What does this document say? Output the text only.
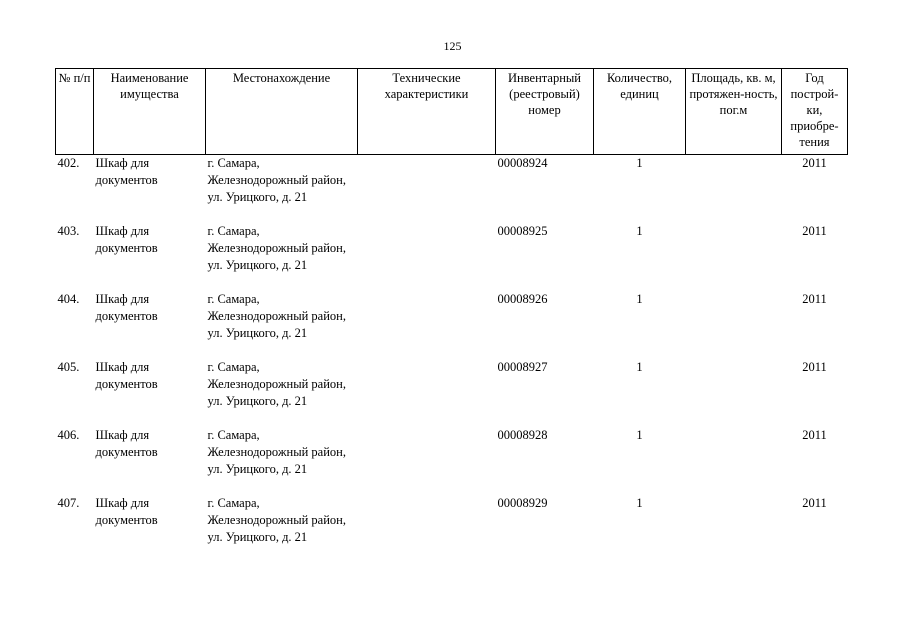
125
№ п/п	Наименование имущества	Местонахождение	Технические характеристики	Инвентарный (реестровый) номер	Количество, единиц	Площадь, кв. м, протяжен-ность, пог.м	Год построй-ки, приобре-тения
402.	Шкаф для документов	г. Самара, Железнодорожный район, ул. Урицкого, д. 21		00008924	1		2011
403.	Шкаф для документов	г. Самара, Железнодорожный район, ул. Урицкого, д. 21		00008925	1		2011
404.	Шкаф для документов	г. Самара, Железнодорожный район, ул. Урицкого, д. 21		00008926	1		2011
405.	Шкаф для документов	г. Самара, Железнодорожный район, ул. Урицкого, д. 21		00008927	1		2011
406.	Шкаф для документов	г. Самара, Железнодорожный район, ул. Урицкого, д. 21		00008928	1		2011
407.	Шкаф для документов	г. Самара, Железнодорожный район, ул. Урицкого, д. 21		00008929	1		2011
